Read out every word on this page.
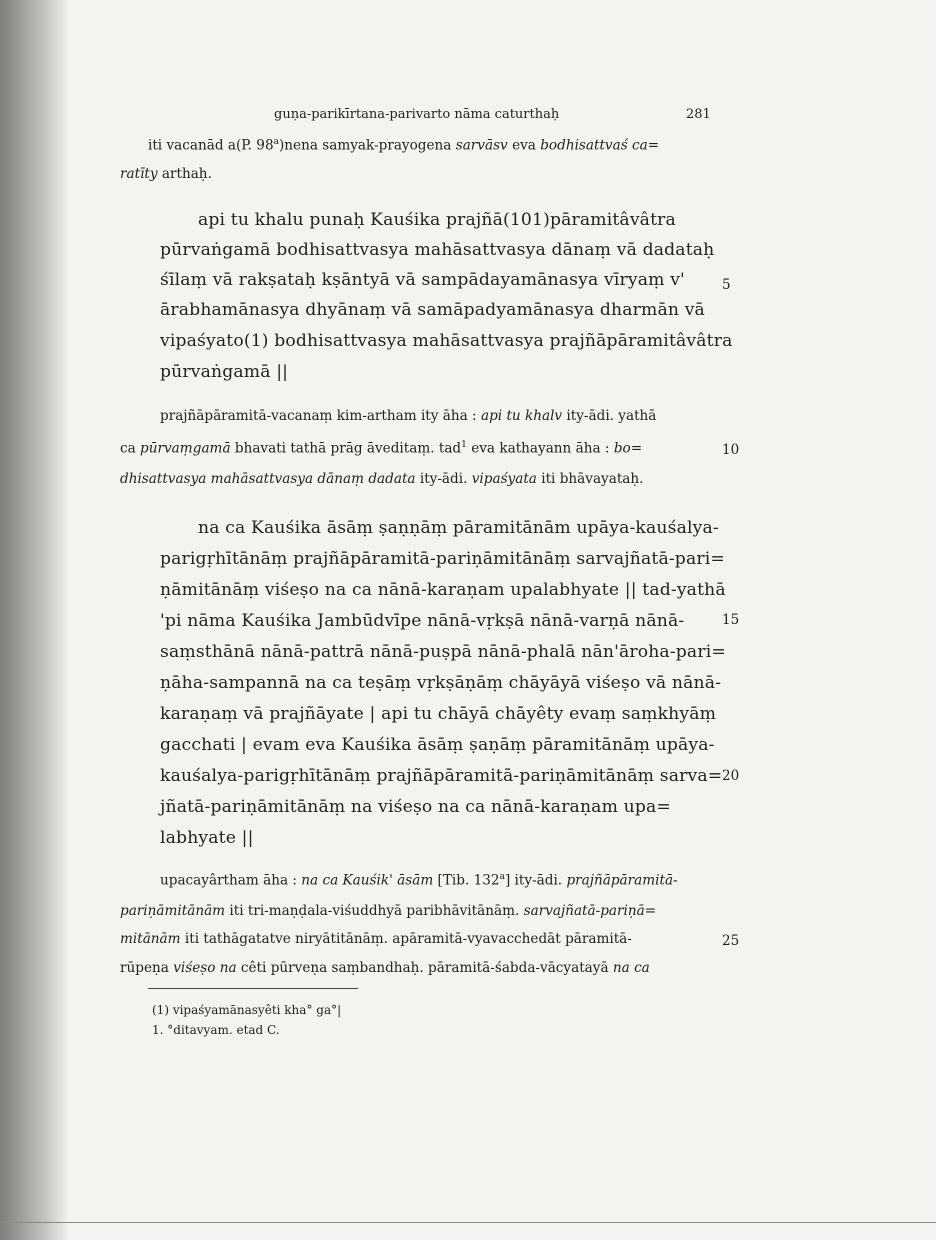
guṇa-parikīrtana-parivarto nāma caturthaḥ	281
iti vacanād a(P. 98$^a$)nena samyak-prayogena sarvāsv eva bodhisattvaś ca=
ratīty arthaḥ.
api tu khalu punaḥ Kauśika prajñā(101)pāramitâvâtra
pūrvaṅgamā bodhisattvasya mahāsattvasya dānaṃ vā dadataḥ
śīlaṃ vā rakṣataḥ kṣāntyā vā sampādayamānasya vīryaṃ v'
ārabhamānasya dhyānaṃ vā samāpadyamānasya dharmān vā
vipaśyato(1) bodhisattvasya mahāsattvasya prajñāpāramitâvâtra
pūrvaṅgamā ||
5
prajñāpāramitā-vacanaṃ kim-artham ity āha : api tu khalv ity-ādi. yathā
ca pūrvaṃgamā bhavati tathā prāg āveditaṃ. tad$^1$ eva kathayann āha : bo=
dhisattvasya mahāsattvasya dānaṃ dadata ity-ādi. vipaśyata iti bhāvayataḥ.
10
na ca Kauśika āsāṃ ṣaṇṇāṃ pāramitānām upāya-kauśalya-
parigṛhītānāṃ prajñāpāramitā-pariṇāmitānāṃ sarvajñatā-pari=
ṇāmitānāṃ viśeṣo na ca nānā-karaṇam upalabhyate || tad-yathā
'pi nāma Kauśika Jambūdvīpe nānā-vṛkṣā nānā-varṇā nānā-
saṃsthānā nānā-pattrā nānā-puṣpā nānā-phalā nān'āroha-pari=
ṇāha-sampannā na ca teṣāṃ vṛkṣāṇāṃ chāyāyā viśeṣo vā nānā-
karaṇaṃ vā prajñāyate | api tu chāyā chāyêty evaṃ saṃkhyāṃ
gacchati | evam eva Kauśika āsāṃ ṣaṇāṃ pāramitānāṃ upāya-
kauśalya-parigṛhītānāṃ prajñāpāramitā-pariṇāmitānāṃ sarva=
jñatā-pariṇāmitānāṃ na viśeṣo na ca nānā-karaṇam upa=
labhyate ||
15
20
upacayârtham āha : na ca Kauśik' āsām [Tib. 132$^a$] ity-ādi. prajñāpāramitā-
pariṇāmitānām iti tri-maṇḍala-viśuddhyā paribhāvitānāṃ. sarvajñatā-pariṇā=
mitānām iti tathāgatatve niryātitānāṃ. apāramitā-vyavacchedāt pāramitā-
rūpeṇa viśeṣo na cêti pūrveṇa saṃbandhaḥ. pāramitā-śabda-vācyatayā na ca
25
(1) vipaśyamānasyêti kha° ga°|
1. °ditavyam. etad C.
